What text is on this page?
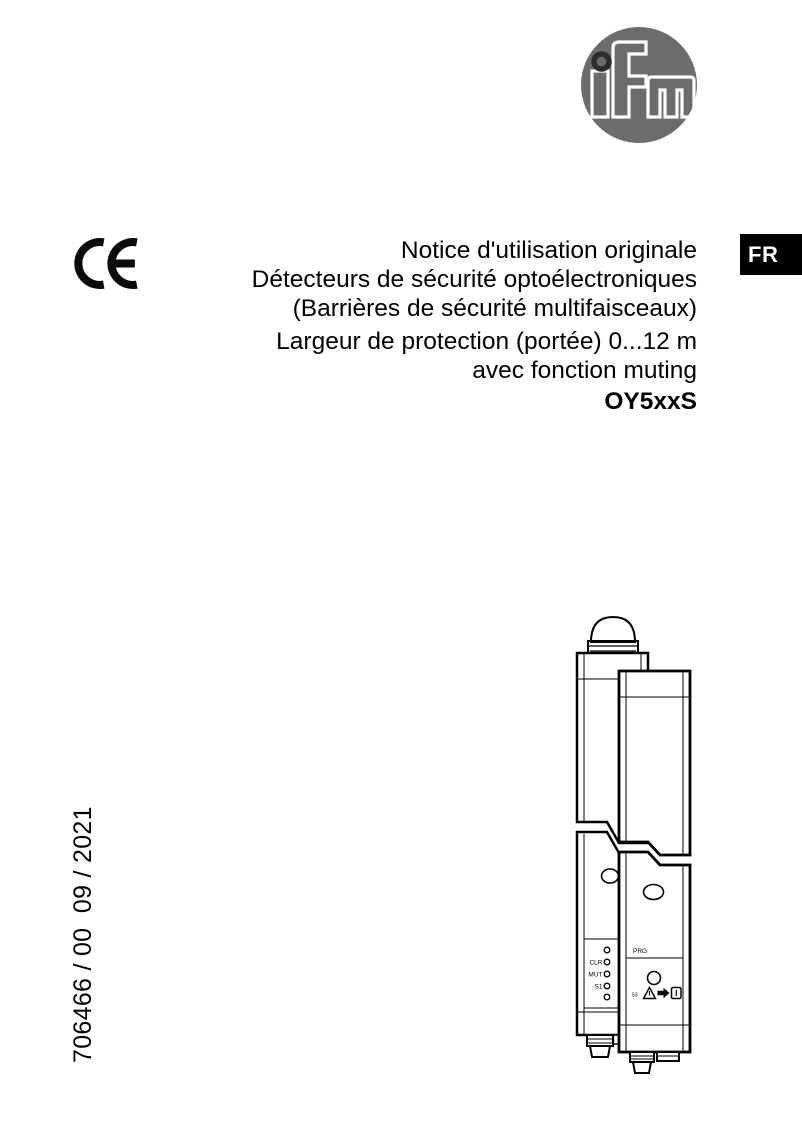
FR
Notice d'utilisation originale
Détecteurs de sécurité optoélectroniques
(Barrières de sécurité multifaisceaux)
Largeur de protection (portée) 0...12 m
avec fonction muting
OY5xxS
706466 / 00  09 / 2021	CLR
MUT
S1
PRG
S3
